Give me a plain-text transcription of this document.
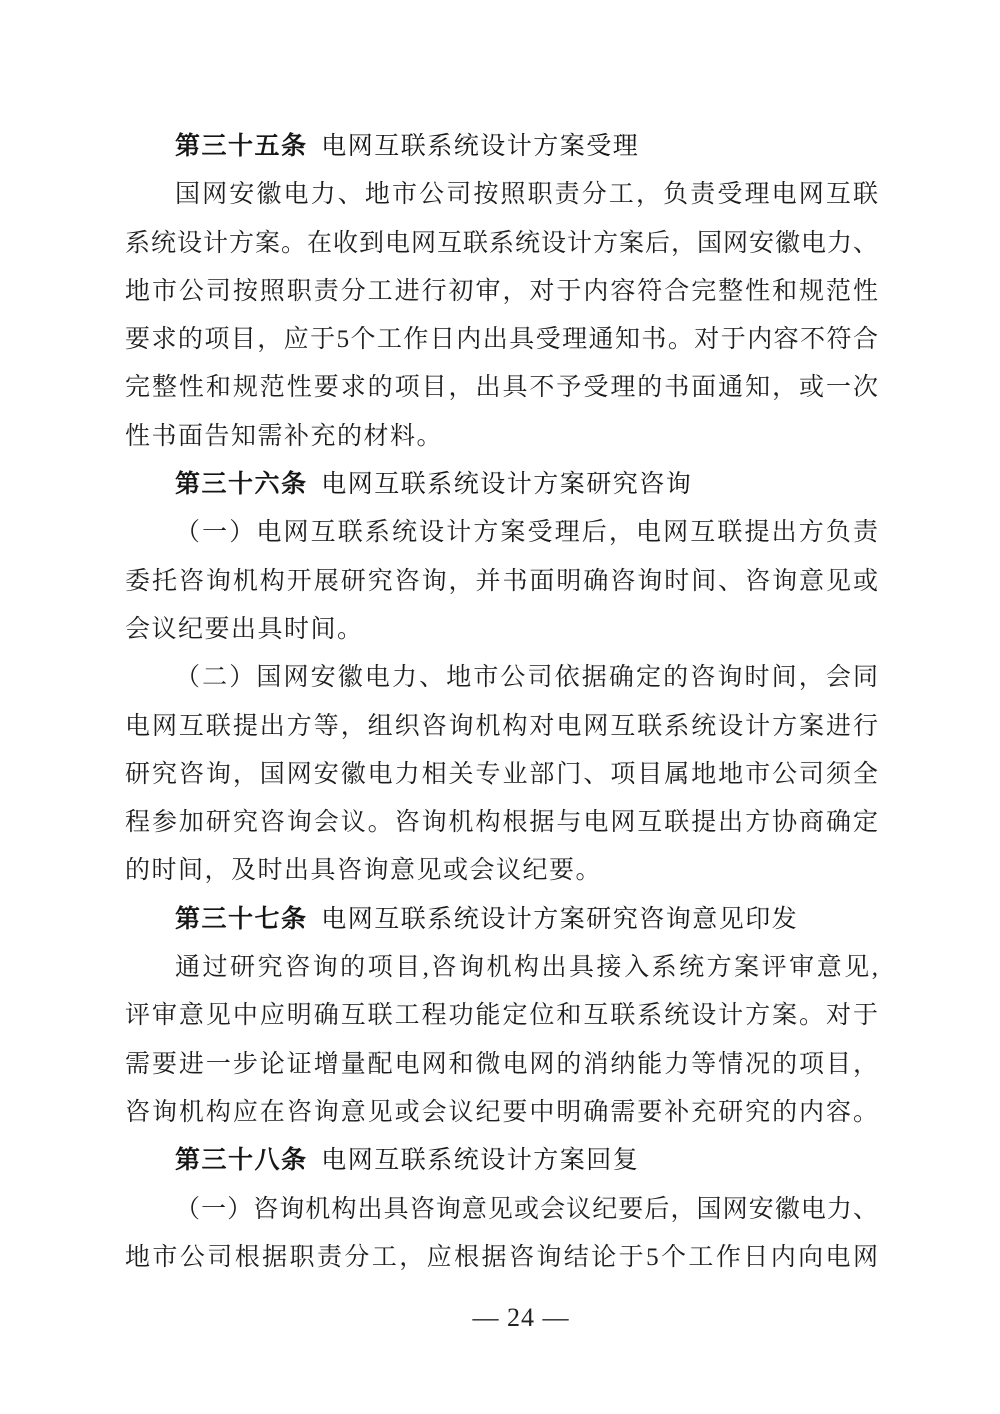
第三十五条 电网互联系统设计方案受理
国网安徽电力、地市公司按照职责分工，负责受理电网互联
系统设计方案。在收到电网互联系统设计方案后，国网安徽电力、
地市公司按照职责分工进行初审，对于内容符合完整性和规范性
要求的项目，应于5个工作日内出具受理通知书。对于内容不符合
完整性和规范性要求的项目，出具不予受理的书面通知，或一次
性书面告知需补充的材料。
第三十六条 电网互联系统设计方案研究咨询
（一）电网互联系统设计方案受理后，电网互联提出方负责
委托咨询机构开展研究咨询，并书面明确咨询时间、咨询意见或
会议纪要出具时间。
（二）国网安徽电力、地市公司依据确定的咨询时间，会同
电网互联提出方等，组织咨询机构对电网互联系统设计方案进行
研究咨询，国网安徽电力相关专业部门、项目属地地市公司须全
程参加研究咨询会议。咨询机构根据与电网互联提出方协商确定
的时间，及时出具咨询意见或会议纪要。
第三十七条 电网互联系统设计方案研究咨询意见印发
通过研究咨询的项目,咨询机构出具接入系统方案评审意见,
评审意见中应明确互联工程功能定位和互联系统设计方案。对于
需要进一步论证增量配电网和微电网的消纳能力等情况的项目，
咨询机构应在咨询意见或会议纪要中明确需要补充研究的内容。
第三十八条 电网互联系统设计方案回复
（一）咨询机构出具咨询意见或会议纪要后，国网安徽电力、
地市公司根据职责分工，应根据咨询结论于5个工作日内向电网
— 24 —
